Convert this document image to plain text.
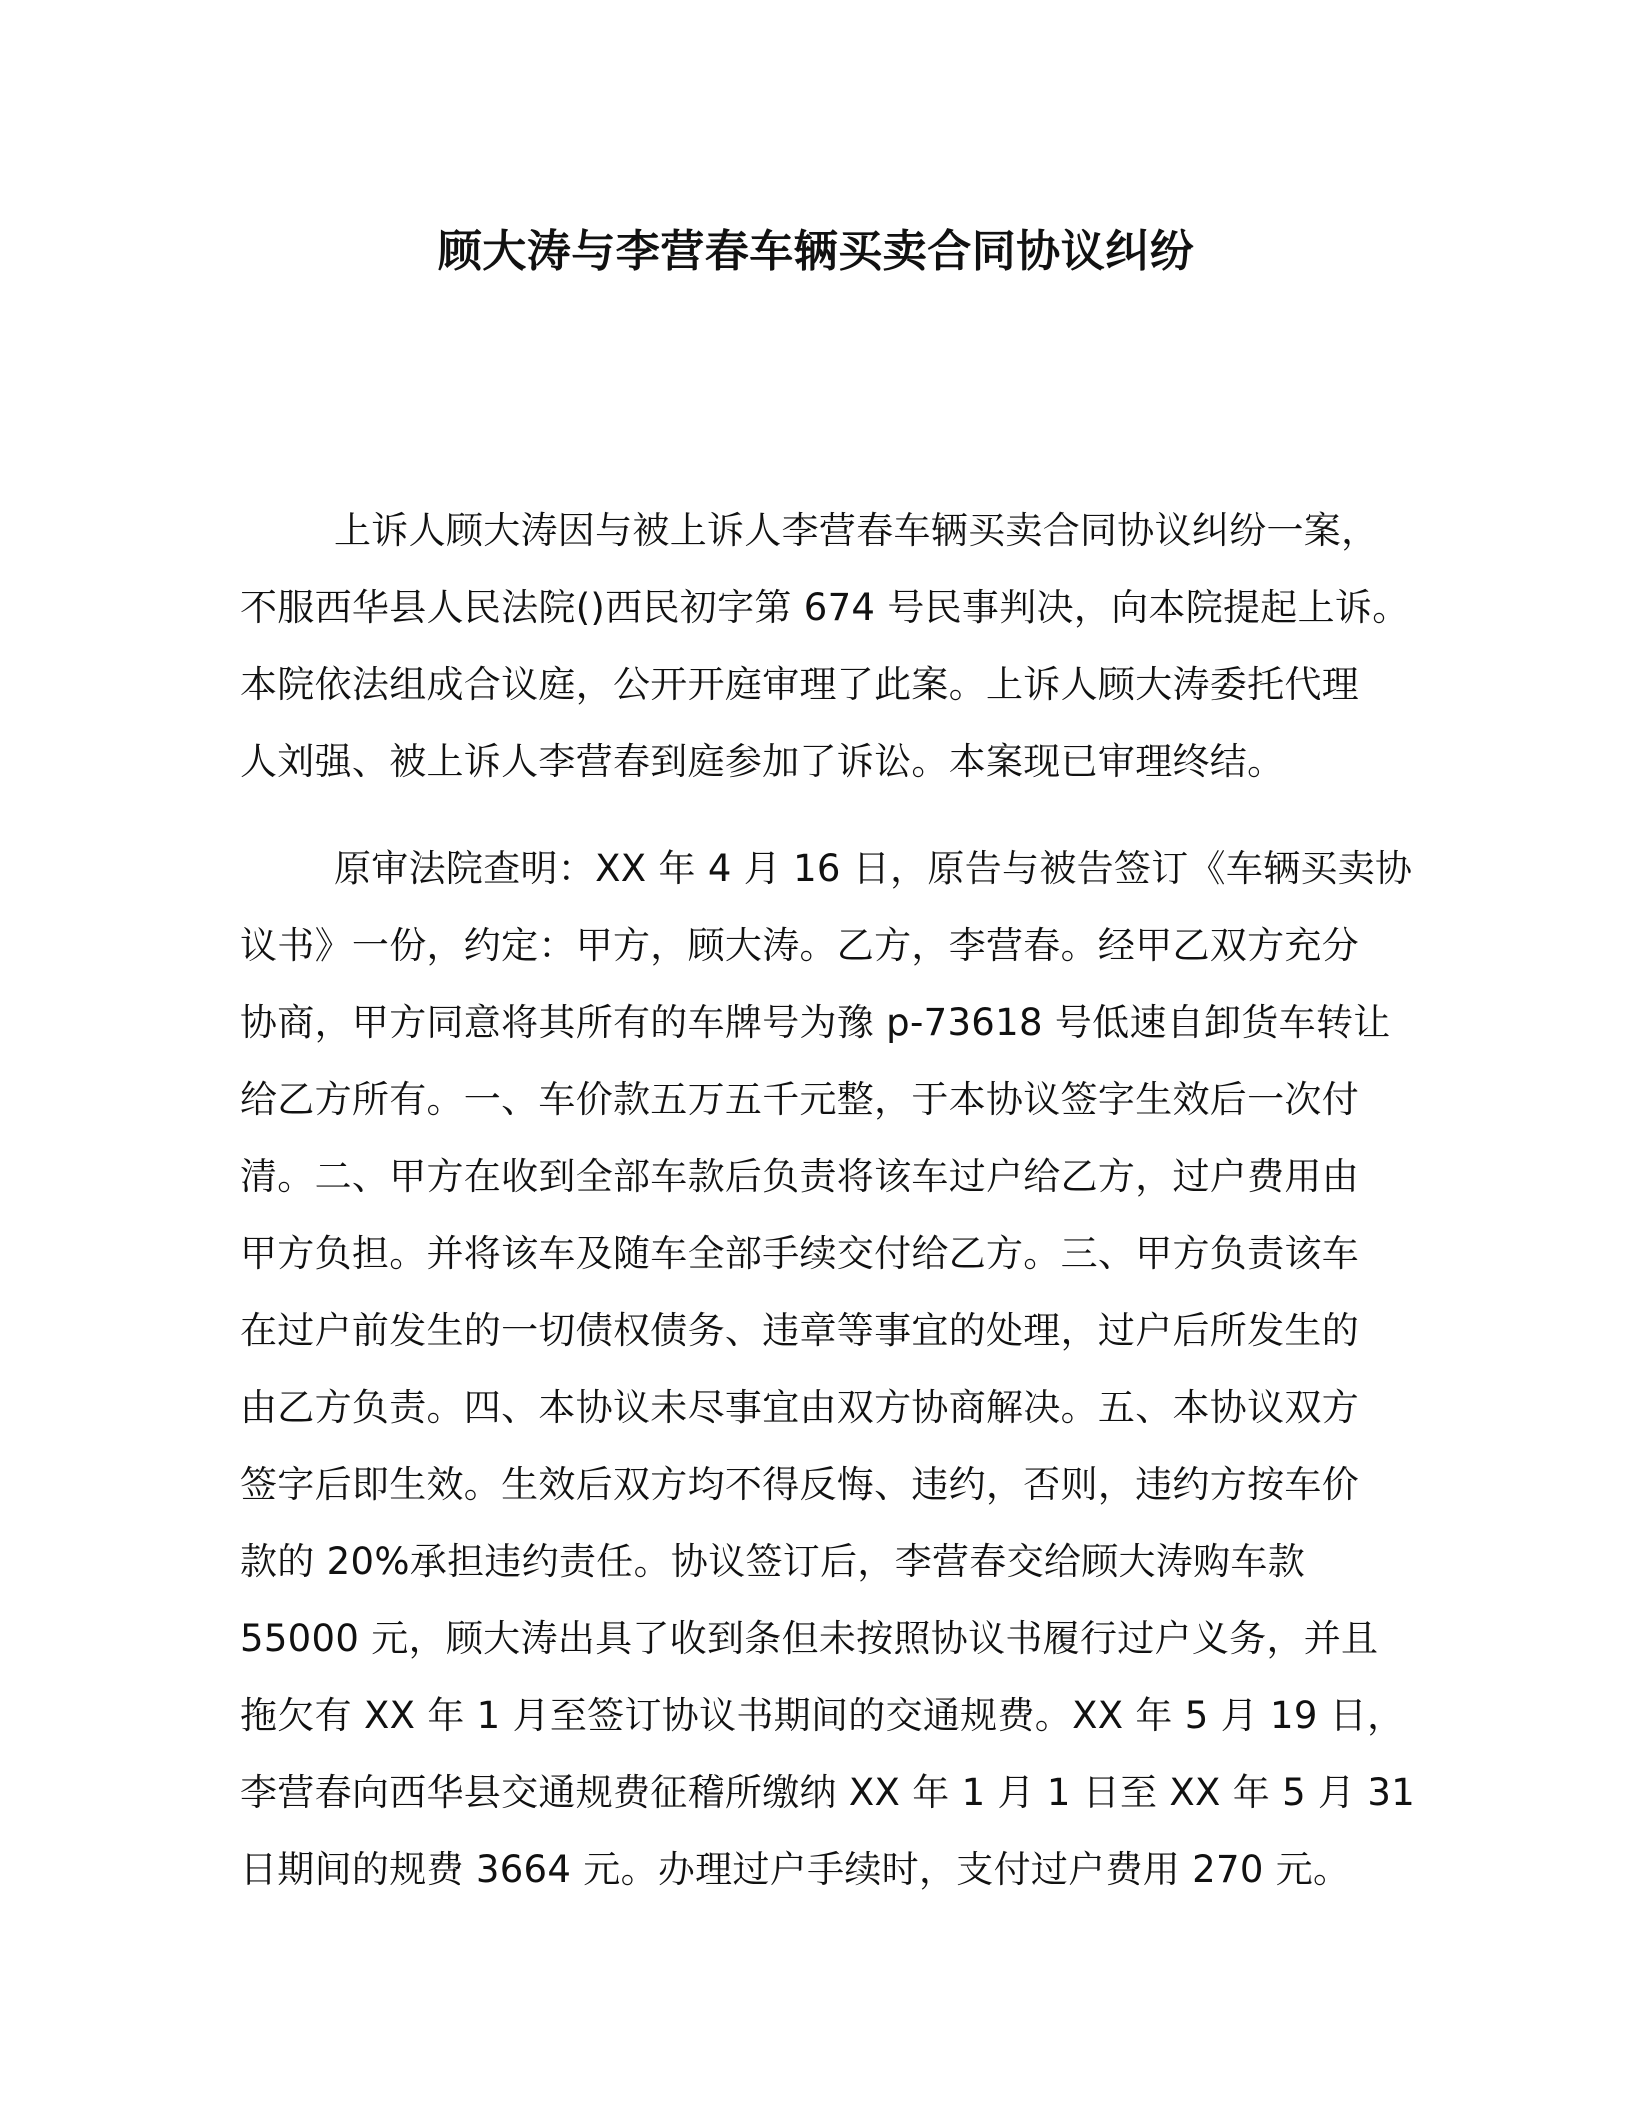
顾大涛与李营春车辆买卖合同协议纠纷
上诉人顾大涛因与被上诉人李营春车辆买卖合同协议纠纷一案，
不服西华县人民法院()西民初字第 674 号民事判决，向本院提起上诉。
本院依法组成合议庭，公开开庭审理了此案。上诉人顾大涛委托代理
人刘强、被上诉人李营春到庭参加了诉讼。本案现已审理终结。
原审法院查明：XX 年 4 月 16 日，原告与被告签订《车辆买卖协
议书》一份，约定：甲方，顾大涛。乙方，李营春。经甲乙双方充分
协商，甲方同意将其所有的车牌号为豫 p-73618 号低速自卸货车转让
给乙方所有。一、车价款五万五千元整，于本协议签字生效后一次付
清。二、甲方在收到全部车款后负责将该车过户给乙方，过户费用由
甲方负担。并将该车及随车全部手续交付给乙方。三、甲方负责该车
在过户前发生的一切债权债务、违章等事宜的处理，过户后所发生的
由乙方负责。四、本协议未尽事宜由双方协商解决。五、本协议双方
签字后即生效。生效后双方均不得反悔、违约，否则，违约方按车价
款的 20%承担违约责任。协议签订后，李营春交给顾大涛购车款
55000 元，顾大涛出具了收到条但未按照协议书履行过户义务，并且
拖欠有 XX 年 1 月至签订协议书期间的交通规费。XX 年 5 月 19 日，
李营春向西华县交通规费征稽所缴纳 XX 年 1 月 1 日至 XX 年 5 月 31
日期间的规费 3664 元。办理过户手续时，支付过户费用 270 元。
